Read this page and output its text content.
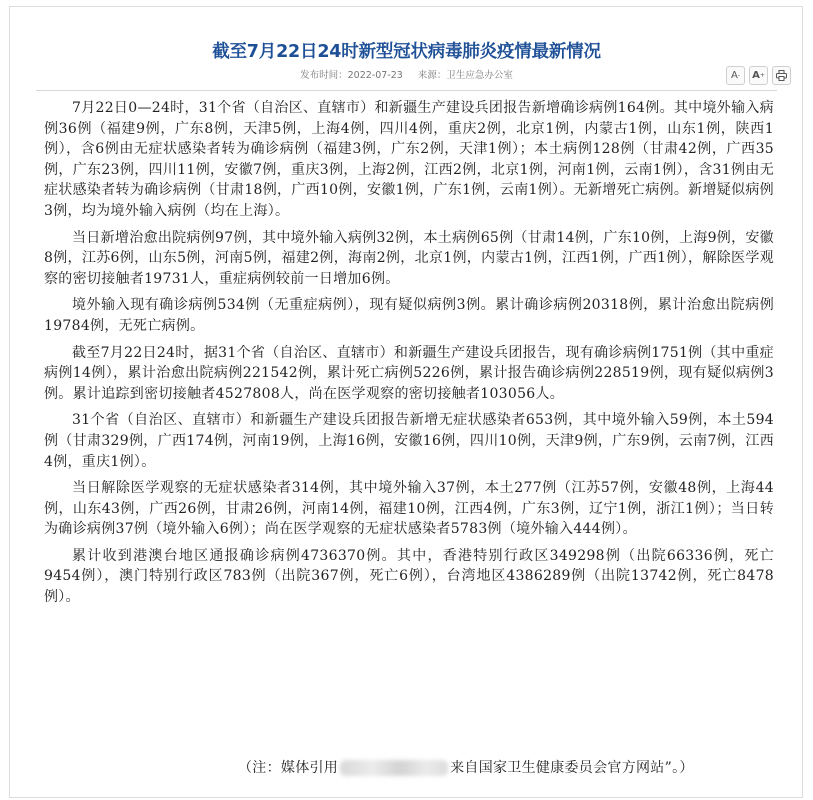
截至7月22日24时新型冠状病毒肺炎疫情最新情况
发布时间：2022-07-23 来源：卫生应急办公室	A - A +

7月22日0—24时，31个省（自治区、直辖市）和新疆生产建设兵团报告新增确诊病例164例。其中境外输入病例36例（福建9例，广东8例，天津5例，上海4例，四川4例，重庆2例，北京1例，内蒙古1例，山东1例，陕西1例），含6例由无症状感染者转为确诊病例（福建3例，广东2例，天津1例）；本土病例128例（甘肃42例，广西35例，广东23例，四川11例，安徽7例，重庆3例，上海2例，江西2例，北京1例，河南1例，云南1例），含31例由无症状感染者转为确诊病例（甘肃18例，广西10例，安徽1例，广东1例，云南1例）。无新增死亡病例。新增疑似病例3例，均为境外输入病例（均在上海）。

当日新增治愈出院病例97例，其中境外输入病例32例，本土病例65例（甘肃14例，广东10例，上海9例，安徽8例，江苏6例，山东5例，河南5例，福建2例，海南2例，北京1例，内蒙古1例，江西1例，广西1例），解除医学观察的密切接触者19731人，重症病例较前一日增加6例。

境外输入现有确诊病例534例（无重症病例），现有疑似病例3例。累计确诊病例20318例，累计治愈出院病例19784例，无死亡病例。

截至7月22日24时，据31个省（自治区、直辖市）和新疆生产建设兵团报告，现有确诊病例1751例（其中重症病例14例），累计治愈出院病例221542例，累计死亡病例5226例，累计报告确诊病例228519例，现有疑似病例3例。累计追踪到密切接触者4527808人，尚在医学观察的密切接触者103056人。

31个省（自治区、直辖市）和新疆生产建设兵团报告新增无症状感染者653例，其中境外输入59例，本土594例（甘肃329例，广西174例，河南19例，上海16例，安徽16例，四川10例，天津9例，广东9例，云南7例，江西4例，重庆1例）。

当日解除医学观察的无症状感染者314例，其中境外输入37例，本土277例（江苏57例，安徽48例，上海44例，山东43例，广西26例，甘肃26例，河南14例，福建10例，江西4例，广东3例，辽宁1例，浙江1例）；当日转为确诊病例37例（境外输入6例）；尚在医学观察的无症状感染者5783例（境外输入444例）。

累计收到港澳台地区通报确诊病例4736370例。其中，香港特别行政区349298例（出院66336例，死亡9454例），澳门特别行政区783例（出院367例，死亡6例），台湾地区4386289例（出院13742例，死亡8478例）。

（注：媒体引用	来自国家卫生健康委员会官方网站”。）
